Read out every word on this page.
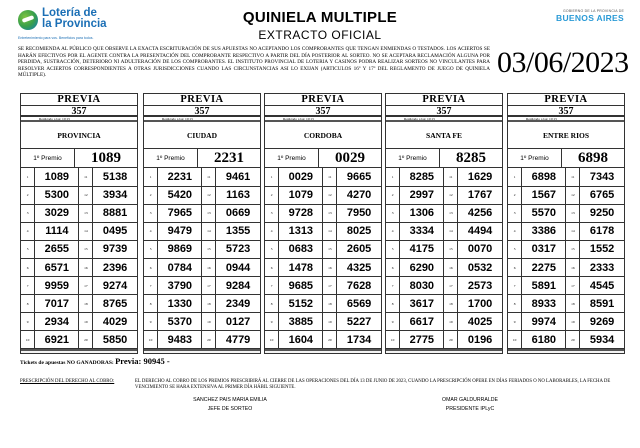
Lotería de
la Provincia
Entretenimiento para vos. Beneficios para todos.
QUINIELA MULTIPLE
EXTRACTO OFICIAL
GOBIERNO DE LA PROVINCIA DE
BUENOS AIRES
SE RECOMIENDA AL PÚBLICO QUE OBSERVE LA EXACTA ESCRITURACIÓN DE SUS APUESTAS NO ACEPTANDO LOS COMPROBANTES QUE TENGAN ENMIENDAS O TESTADOS. LOS ACIERTOS SE HARÁN EFECTIVOS POR EL AGENTE CONTRA LA PRESENTACIÓN DEL COMPROBANTE RESPECTIVO A PARTIR DEL DÍA POSTERIOR AL SORTEO. NO SE ACEPTARA RECLAMACIÓN ALGUNA POR PERDIDA, SUSTRACCIÓN, DETERIORO NI ADULTERACIÓN DE LOS COMPROBANTES. EL INSTITUTO PROVINCIAL DE LOTERIA Y CASINOS PODRA REALIZAR SORTEOS NO VINCULANTES PARA RESOLVER ACIERTOS CORRESPONDIENTES A OTRAS JURISDICCIONES CUANDO LAS CIRCUNSTANCIAS ASI LO EXIJAN (ARTICULOS 16º Y 17º DEL REGLAMENTO DE JUEGO DE QUINIELA MÚLTIPLE).	03/06/2023
PREVIA
357
Realizado a las: 10:15
PROVINCIA
1º Premio	1089
1	1089	11	5138
2	5300	12	3934
3	3029	13	8881
4	1114	14	0495
5	2655	15	9739
6	6571	16	2396
7	9959	17	9274
8	7017	18	8765
9	2934	19	4029
10	6921	20	5850
PREVIA
357
Realizado a las: 10:15
CIUDAD
1º Premio	2231
1	2231	11	9461
2	5420	12	1163
3	7965	13	0669
4	9479	14	1355
5	9869	15	5723
6	0784	16	0944
7	3790	17	9284
8	1330	18	2349
9	5370	19	0127
10	9483	20	4779
PREVIA
357
Realizado a las: 10:15
CORDOBA
1º Premio	0029
1	0029	11	9665
2	1079	12	4270
3	9728	13	7950
4	1313	14	8025
5	0683	15	2605
6	1478	16	4325
7	9685	17	7628
8	5152	18	6569
9	3885	19	5227
10	1604	20	1734
PREVIA
357
Realizado a las: 10:15
SANTA FE
1º Premio	8285
1	8285	11	1629
2	2997	12	1767
3	1306	13	4256
4	3334	14	4494
5	4175	15	0070
6	6290	16	0532
7	8030	17	2573
8	3617	18	1700
9	6617	19	4025
10	2775	20	0196
PREVIA
357
Realizado a las: 10:15
ENTRE RIOS
1º Premio	6898
1	6898	11	7343
2	1567	12	6765
3	5570	13	9250
4	3386	14	6178
5	0317	15	1552
6	2275	16	2333
7	5891	17	4545
8	8933	18	8591
9	9974	19	9269
10	6180	20	5934
Tickets de apuestas NO GANADORAS: Previa: 90945 -
PRESCRIPCIÓN DEL DERECHO AL COBRO:	EL DERECHO AL COBRO DE LOS PREMIOS PRESCRIBIRÁ AL CIERRE DE LAS OPERACIONES DEL DÍA 13 DE JUNIO DE 2023, CUANDO LA PRESCRIPCIÓN OPERE EN DÍAS FERIADOS O NO LABORABLES, LA FECHA DE VENCIMIENTO SE HARA EXTENSIVA AL PRIMER DÍA HÁBIL SIGUIENTE.
SANCHEZ PAIS MARIA EMILIA
JEFE DE SORTEO
OMAR GALDURRALDE
PRESIDENTE IPLyC
